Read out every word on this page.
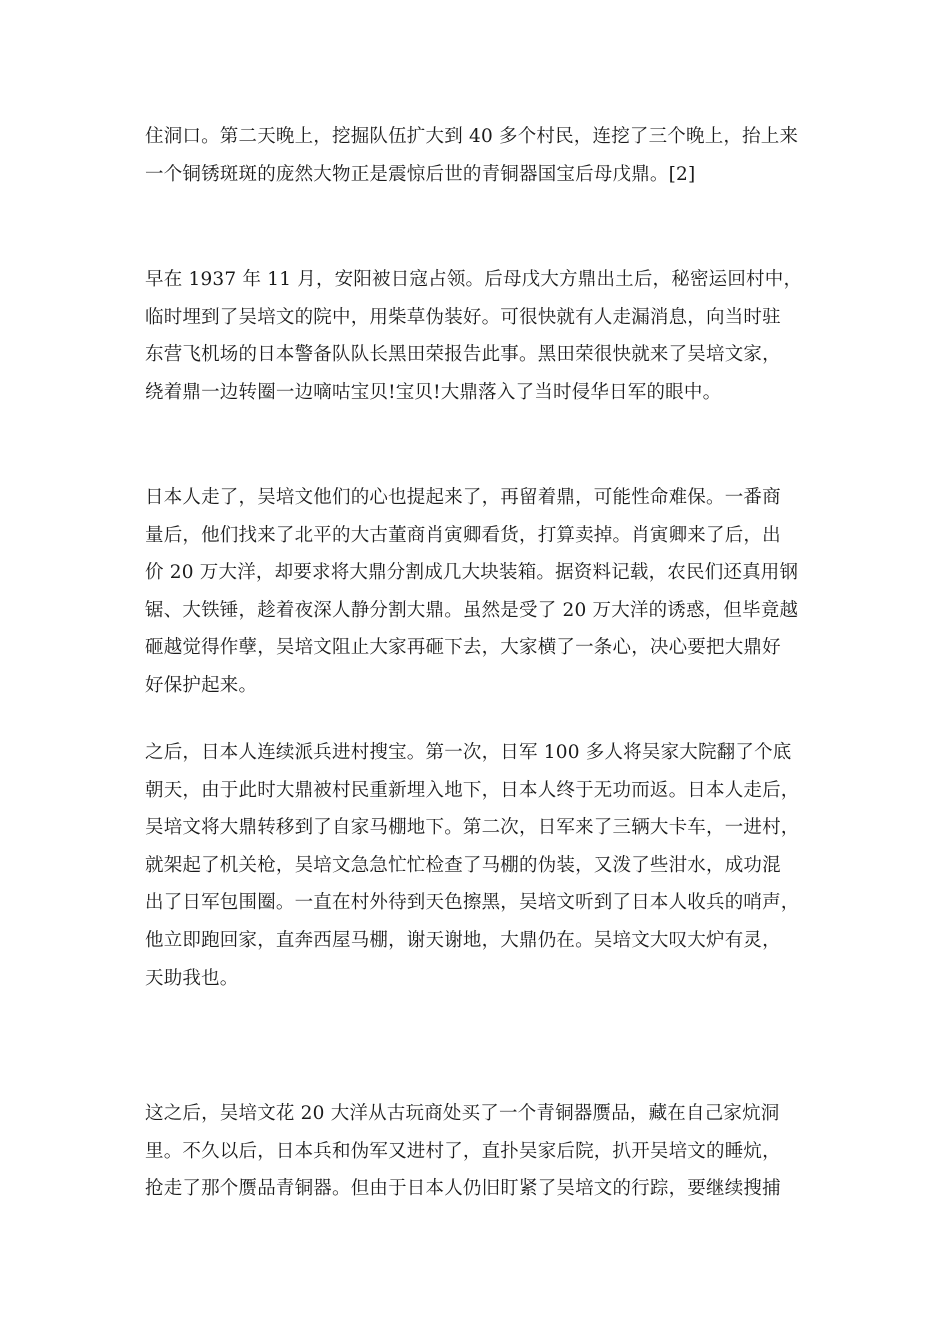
住洞口。第二天晚上，挖掘队伍扩大到 40 多个村民，连挖了三个晚上，抬上来
一个铜锈斑斑的庞然大物正是震惊后世的青铜器国宝后母戊鼎。[2]

早在 1937 年 11 月，安阳被日寇占领。后母戊大方鼎出土后，秘密运回村中，
临时埋到了吴培文的院中，用柴草伪装好。可很快就有人走漏消息，向当时驻
东营飞机场的日本警备队队长黑田荣报告此事。黑田荣很快就来了吴培文家，
绕着鼎一边转圈一边嘀咕宝贝!宝贝!大鼎落入了当时侵华日军的眼中。

日本人走了，吴培文他们的心也提起来了，再留着鼎，可能性命难保。一番商
量后，他们找来了北平的大古董商肖寅卿看货，打算卖掉。肖寅卿来了后，出
价 20 万大洋，却要求将大鼎分割成几大块装箱。据资料记载，农民们还真用钢
锯、大铁锤，趁着夜深人静分割大鼎。虽然是受了 20 万大洋的诱惑，但毕竟越
砸越觉得作孽，吴培文阻止大家再砸下去，大家横了一条心，决心要把大鼎好
好保护起来。

之后，日本人连续派兵进村搜宝。第一次，日军 100 多人将吴家大院翻了个底
朝天，由于此时大鼎被村民重新埋入地下，日本人终于无功而返。日本人走后，
吴培文将大鼎转移到了自家马棚地下。第二次，日军来了三辆大卡车，一进村，
就架起了机关枪，吴培文急急忙忙检查了马棚的伪装，又泼了些泔水，成功混
出了日军包围圈。一直在村外待到天色擦黑，吴培文听到了日本人收兵的哨声，
他立即跑回家，直奔西屋马棚，谢天谢地，大鼎仍在。吴培文大叹大炉有灵，
天助我也。

这之后，吴培文花 20 大洋从古玩商处买了一个青铜器赝品，藏在自己家炕洞
里。不久以后，日本兵和伪军又进村了，直扑吴家后院，扒开吴培文的睡炕，
抢走了那个赝品青铜器。但由于日本人仍旧盯紧了吴培文的行踪，要继续搜捕
